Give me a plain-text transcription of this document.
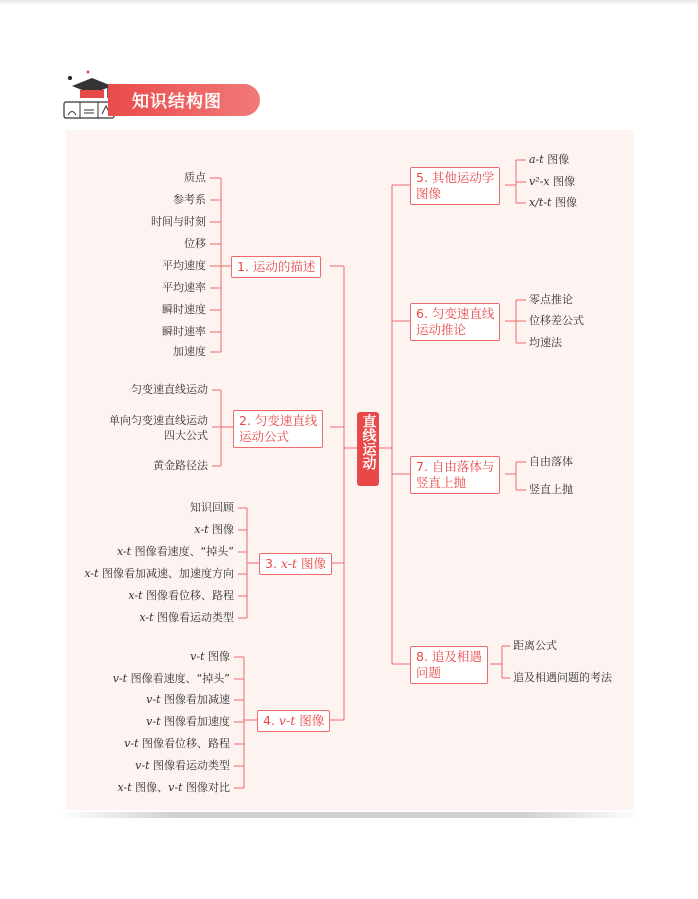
知识结构图
直线
运动
1. 运动的描述
2. 匀变速直线
运动公式
3. x-t 图像
4. v-t 图像
5. 其他运动学
图像
6. 匀变速直线
运动推论
7. 自由落体与
竖直上抛
8. 追及相遇
问题
质点
参考系
时间与时刻
位移
平均速度
平均速率
瞬时速度
瞬时速率
加速度
匀变速直线运动
单向匀变速直线运动
四大公式
黄金路径法
知识回顾
x-t 图像
x-t 图像看速度、“掉头”
x-t 图像看加减速、加速度方向
x-t 图像看位移、路程
x-t 图像看运动类型
v-t 图像
v-t 图像看速度、“掉头”
v-t 图像看加减速
v-t 图像看加速度
v-t 图像看位移、路程
v-t 图像看运动类型
x-t 图像、v-t 图像对比
a-t 图像
v²-x 图像
x/t-t 图像
零点推论
位移差公式
均速法
自由落体
竖直上抛
距离公式
追及相遇问题的考法
